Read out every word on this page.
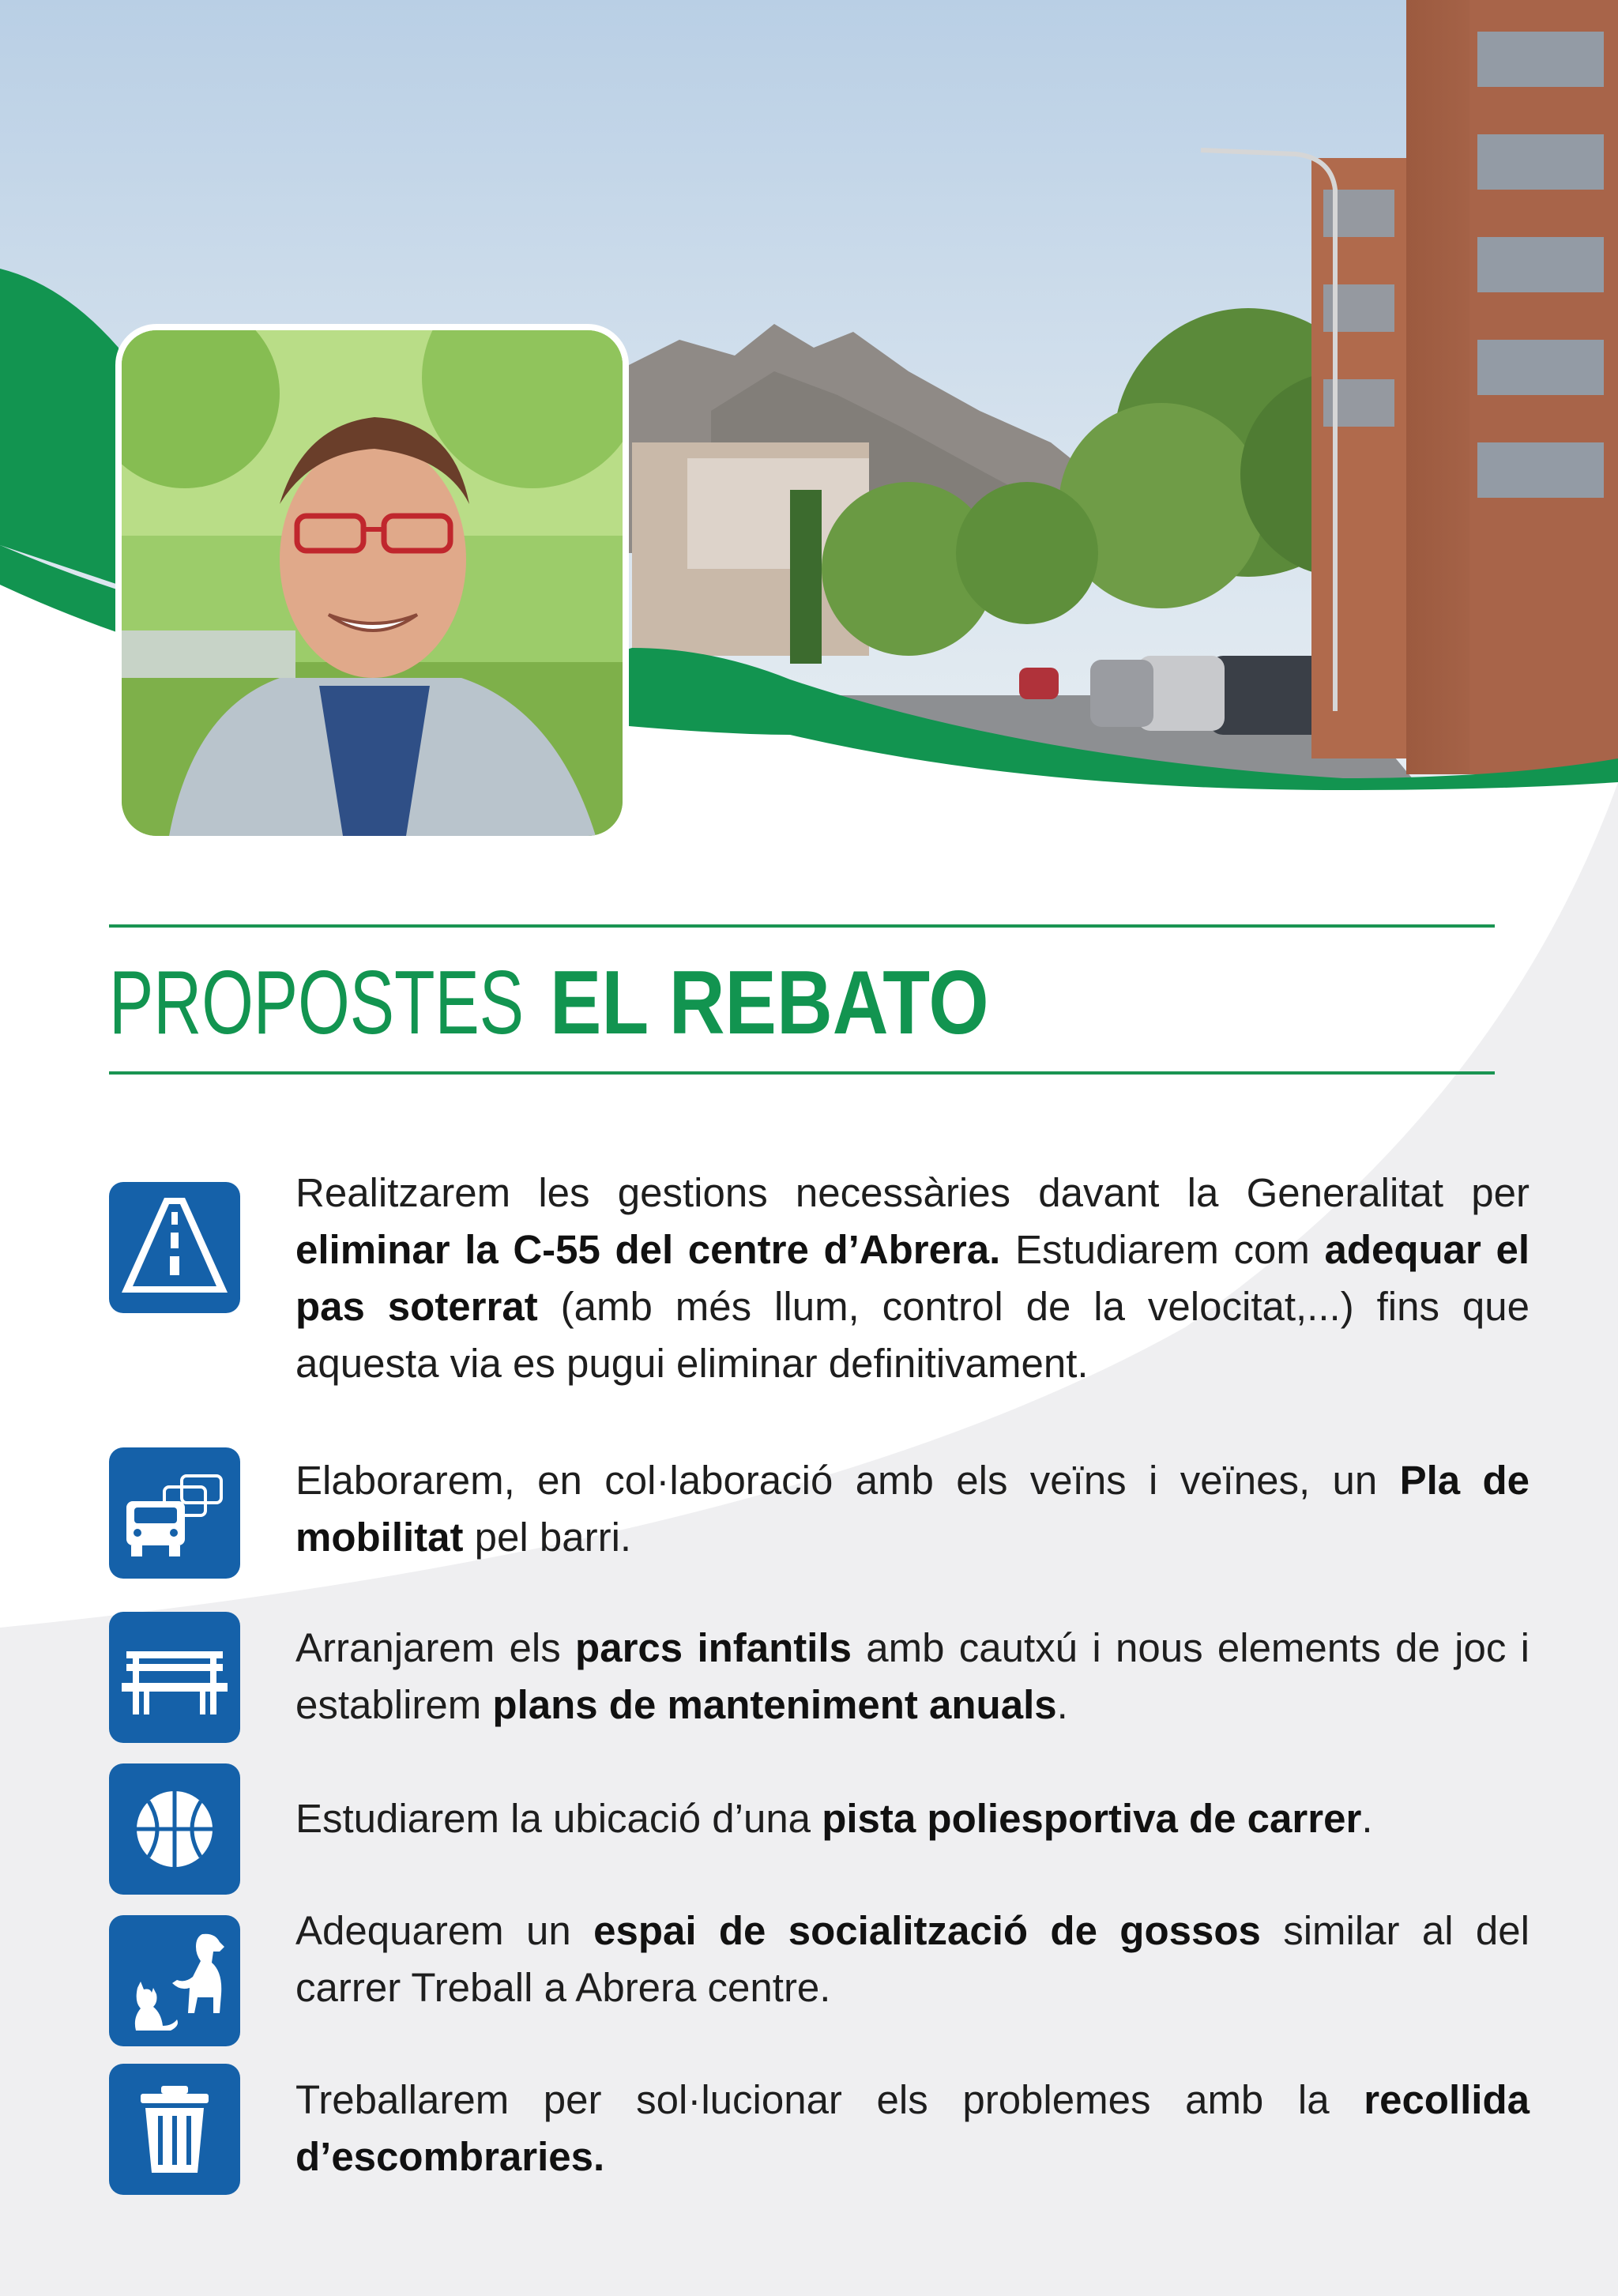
PROPOSTES EL REBATO

Realitzarem les gestions necessàries davant la Generalitat per eliminar la C-55 del centre d’Abrera. Estudiarem com adequar el pas soterrat (amb més llum, control de la velocitat,...) fins que aquesta via es pugui eliminar definitivament.

Elaborarem, en col·laboració amb els veïns i veïnes, un Pla de mobilitat pel barri.

Arranjarem els parcs infantils amb cautxú i nous elements de joc i establirem plans de manteniment anuals.

Estudiarem la ubicació d’una pista poliesportiva de carrer.

Adequarem un espai de socialització de gossos similar al del carrer Treball a Abrera centre.

Treballarem per sol·lucionar els problemes amb la recollida d’escombraries.
